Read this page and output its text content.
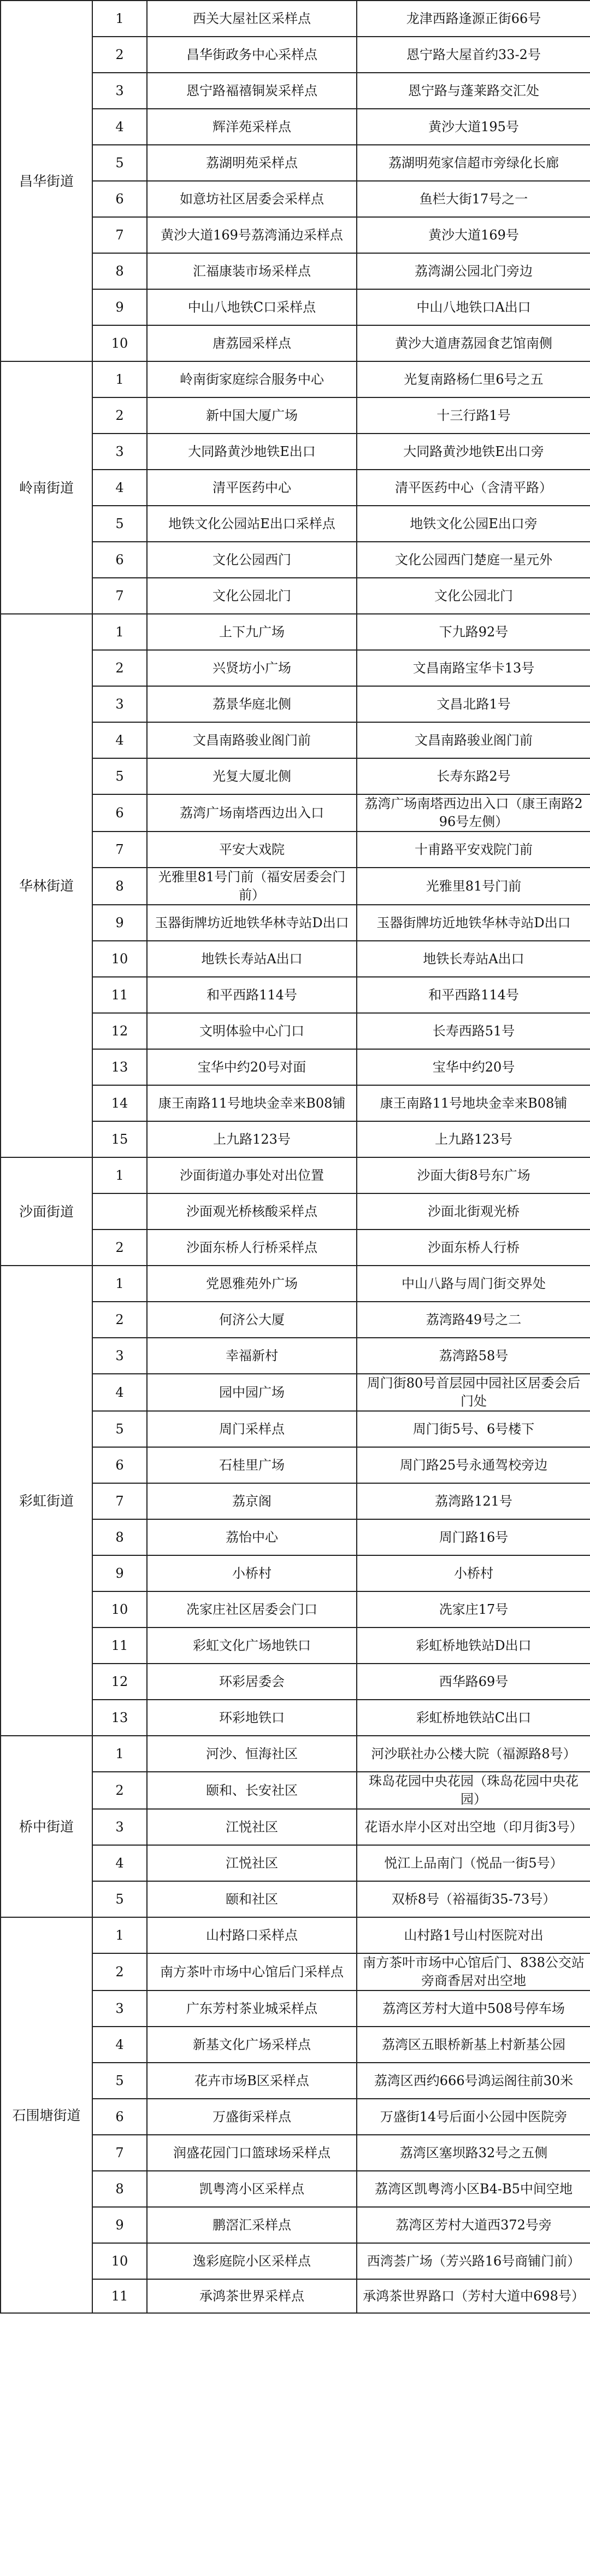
昌华街道	1	西关大屋社区采样点	龙津西路逢源正街66号
	2	昌华街政务中心采样点	恩宁路大屋首约33-2号
	3	恩宁路褔禧铜炭采样点	恩宁路与蓬莱路交汇处
	4	辉洋苑采样点	黄沙大道195号
	5	荔湖明苑采样点	荔湖明苑家信超市旁绿化长廊
	6	如意坊社区居委会采样点	鱼栏大街17号之一
	7	黄沙大道169号荔湾涌边采样点	黄沙大道169号
	8	汇福康装市场采样点	荔湾湖公园北门旁边
	9	中山八地铁C口采样点	中山八地铁口A出口
	10	唐荔园采样点	黄沙大道唐荔园食艺馆南侧
岭南街道	1	岭南街家庭综合服务中心	光复南路杨仁里6号之五
	2	新中国大厦广场	十三行路1号
	3	大同路黄沙地铁E出口	大同路黄沙地铁E出口旁
	4	清平医药中心	清平医药中心（含清平路）
	5	地铁文化公园站E出口采样点	地铁文化公园E出口旁
	6	文化公园西门	文化公园西门楚庭一星元外
	7	文化公园北门	文化公园北门
华林街道	1	上下九广场	下九路92号
	2	兴贤坊小广场	文昌南路宝华卡13号
	3	荔景华庭北侧	文昌北路1号
	4	文昌南路骏业阁门前	文昌南路骏业阁门前
	5	光复大厦北侧	长寿东路2号
	6	荔湾广场南塔西边出入口	荔湾广场南塔西边出入口（康王南路296号左侧）
	7	平安大戏院	十甫路平安戏院门前
	8	光雅里81号门前（福安居委会门前）	光雅里81号门前
	9	玉器街牌坊近地铁华林寺站D出口	玉器街牌坊近地铁华林寺站D出口
	10	地铁长寿站A出口	地铁长寿站A出口
	11	和平西路114号	和平西路114号
	12	文明体验中心门口	长寿西路51号
	13	宝华中约20号对面	宝华中约20号
	14	康王南路11号地块金幸来B08铺	康王南路11号地块金幸来B08铺
	15	上九路123号	上九路123号
沙面街道	1	沙面街道办事处对出位置	沙面大街8号东广场
		沙面观光桥核酸采样点	沙面北街观光桥
	2	沙面东桥人行桥采样点	沙面东桥人行桥
彩虹街道	1	党恩雅苑外广场	中山八路与周门街交界处
	2	何济公大厦	荔湾路49号之二
	3	幸福新村	荔湾路58号
	4	园中园广场	周门街80号首层园中园社区居委会后门处
	5	周门采样点	周门街5号、6号楼下
	6	石桂里广场	周门路25号永通驾校旁边
	7	荔京阁	荔湾路121号
	8	荔怡中心	周门路16号
	9	小桥村	小桥村
	10	冼家庄社区居委会门口	冼家庄17号
	11	彩虹文化广场地铁口	彩虹桥地铁站D出口
	12	环彩居委会	西华路69号
	13	环彩地铁口	彩虹桥地铁站C出口
桥中街道	1	河沙、恒海社区	河沙联社办公楼大院（福源路8号）
	2	颐和、长安社区	珠岛花园中央花园（珠岛花园中央花园）
	3	江悦社区	花语水岸小区对出空地（印月街3号）
	4	江悦社区	悦江上品南门（悦品一街5号）
	5	颐和社区	双桥8号（裕福街35-73号）
石围塘街道	1	山村路口采样点	山村路1号山村医院对出
	2	南方茶叶市场中心馆后门采样点	南方茶叶市场中心馆后门、838公交站旁商香居对出空地
	3	广东芳村茶业城采样点	荔湾区芳村大道中508号停车场
	4	新基文化广场采样点	荔湾区五眼桥新基上村新基公园
	5	花卉市场B区采样点	荔湾区西约666号鸿运阁往前30米
	6	万盛街采样点	万盛街14号后面小公园中医院旁
	7	润盛花园门口篮球场采样点	荔湾区塞坝路32号之五侧
	8	凯粤湾小区采样点	荔湾区凯粤湾小区B4-B5中间空地
	9	鹏滘汇采样点	荔湾区芳村大道西372号旁
	10	逸彩庭院小区采样点	西湾荟广场（芳兴路16号商铺门前）
	11	承鸿茶世界采样点	承鸿茶世界路口（芳村大道中698号）
